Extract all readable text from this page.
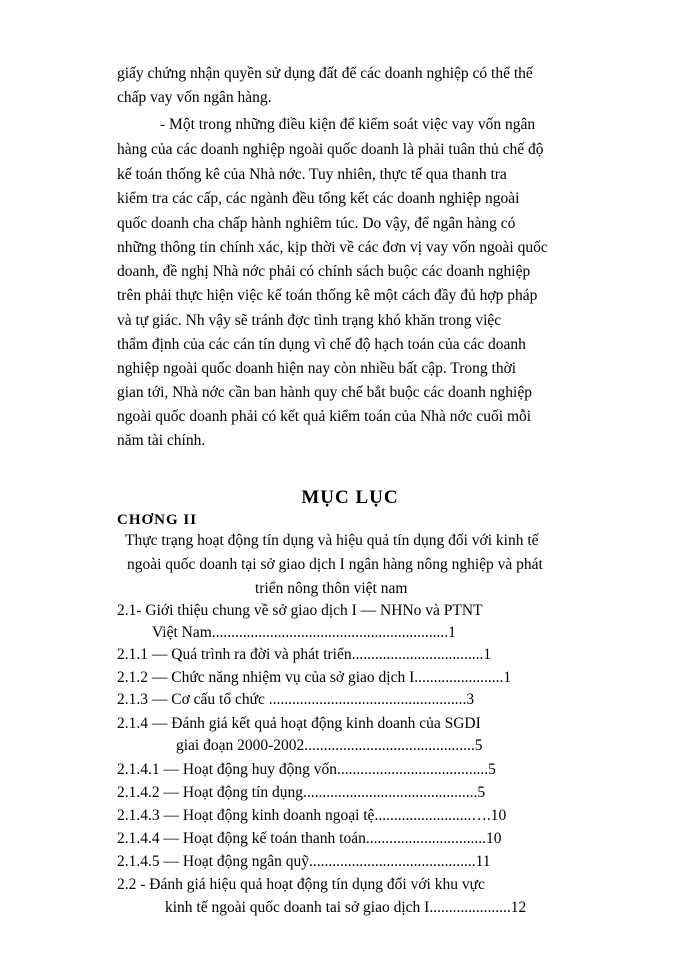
giấy chứng nhận quyền sử dụng đất để các doanh nghiệp có thể thế
chấp vay vốn ngân hàng.
- Một trong những điều kiện để kiểm soát việc vay vốn ngân
hàng của các doanh nghiệp ngoài quốc doanh là phải tuân thủ chế độ
kế toán thống kê của Nhà nớc. Tuy nhiên, thực tế qua thanh tra
kiểm tra các cấp, các ngành đều tổng kết các doanh nghiệp ngoài
quốc doanh cha chấp hành nghiêm túc. Do vậy, để ngân hàng có
những thông tin chính xác, kịp thời về các đơn vị vay vốn ngoài quốc
doanh, đề nghị Nhà nớc phải có chính sách buộc các doanh nghiệp
trên phải thực hiện việc kế toán thống kê một cách đầy đủ hợp pháp
và tự giác. Nh vậy sẽ tránh đợc tình trạng khó khăn trong việc
thẩm định của các cán tín dụng vì chế độ hạch toán của các doanh
nghiệp ngoài quốc doanh hiện nay còn nhiều bất cập. Trong thời
gian tới, Nhà nớc cần ban hành quy chế bắt buộc các doanh nghiệp
ngoài quốc doanh phải có kết quả kiểm toán của Nhà nớc cuối mỗi
năm tài chính.
MỤC LỤC
CHƠNG II
Thực trạng hoạt động tín dụng và hiệu quả tín dụng đối với kinh tế
ngoài quốc doanh tại sở giao dịch I ngân hàng nông nghiệp và phát
triển nông thôn việt nam
2.1- Giới thiệu chung về sở giao dịch I — NHNo và PTNT
Việt Nam.............................................................1
2.1.1 — Quá trình ra đời và phát triển..................................1
2.1.2 — Chức năng nhiệm vụ của sở giao dịch I.......................1
2.1.3 — Cơ cấu tổ chức ...................................................3
2.1.4 — Đánh giá kết quả hoạt động kinh doanh của SGDI
giai đoạn 2000-2002............................................5
2.1.4.1 — Hoạt động huy động vốn.......................................5
2.1.4.2 — Hoạt động tín dụng.............................................5
2.1.4.3 — Hoạt động kinh doanh ngoại tệ.........................….10
2.1.4.4 — Hoạt động kế toán thanh toán...............................10
2.1.4.5 — Hoạt động ngân quỹ...........................................11
2.2 - Đánh giá hiệu quả hoạt động tín dụng đối với khu vực
kinh tế ngoài quốc doanh tai sở giao dịch I.....................12
